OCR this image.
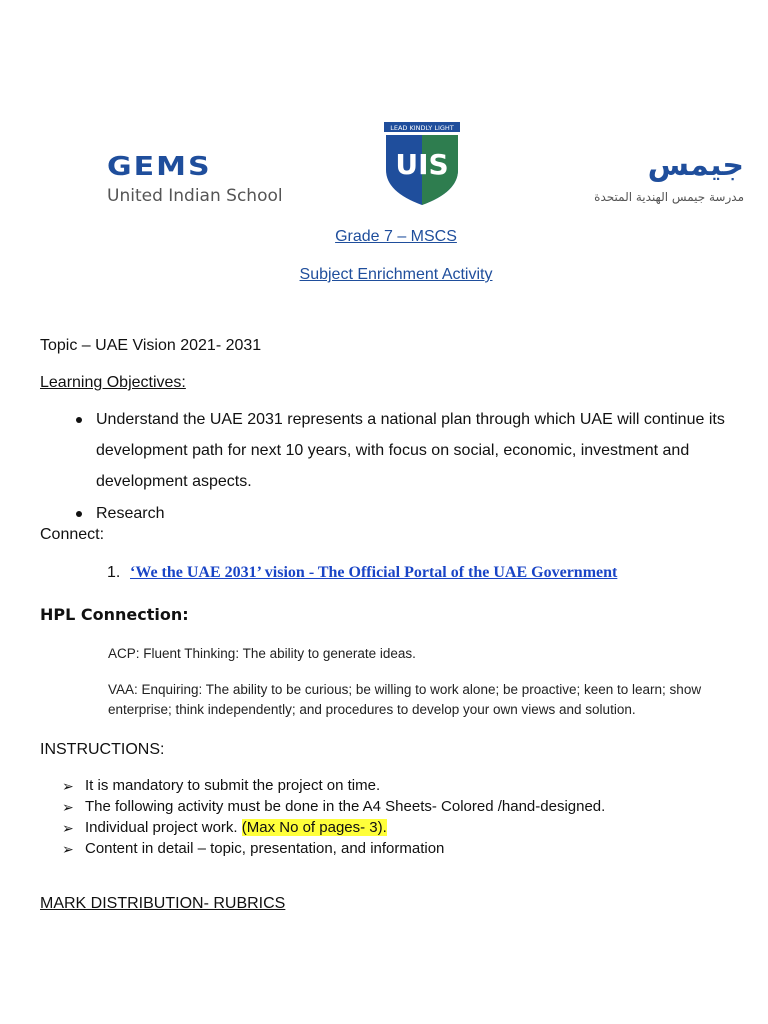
GEMS
United Indian School
LEAD KINDLY LIGHT
UIS	جيمس
مدرسة جيمس الهندية المتحدة
Grade 7 – MSCS
Subject Enrichment Activity
Topic – UAE Vision 2021- 2031
Learning Objectives:
Understand the UAE 2031 represents a national plan through which UAE will continue its development path for next 10 years, with focus on social, economic, investment and development aspects.
Research
Connect:
1. ‘We the UAE 2031’ vision - The Official Portal of the UAE Government
HPL Connection:
ACP: Fluent Thinking: The ability to generate ideas.
VAA: Enquiring: The ability to be curious; be willing to work alone; be proactive; keen to learn; show enterprise; think independently; and procedures to develop your own views and solution.
INSTRUCTIONS:
➢ It is mandatory to submit the project on time.
➢ The following activity must be done in the A4 Sheets- Colored /hand-designed.
➢ Individual project work. (Max No of pages- 3).
➢ Content in detail – topic, presentation, and information
MARK DISTRIBUTION- RUBRICS
